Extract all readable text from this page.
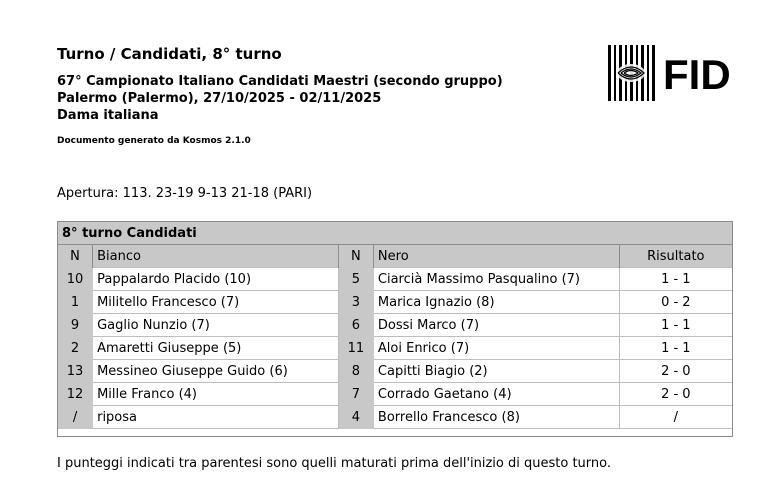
Turno / Candidati, 8° turno
67° Campionato Italiano Candidati Maestri (secondo gruppo)
Palermo (Palermo), 27/10/2025 - 02/11/2025
Dama italiana
Documento generato da Kosmos 2.1.0
FID
Apertura: 113. 23-19 9-13 21-18 (PARI)
8° turno Candidati				
N	Bianco	N	Nero	Risultato
10	Pappalardo Placido (10)	5	Ciarcià Massimo Pasqualino (7)	1 - 1
1	Militello Francesco (7)	3	Marica Ignazio (8)	0 - 2
9	Gaglio Nunzio (7)	6	Dossi Marco (7)	1 - 1
2	Amaretti Giuseppe (5)	11	Aloi Enrico (7)	1 - 1
13	Messineo Giuseppe Guido (6)	8	Capitti Biagio (2)	2 - 0
12	Mille Franco (4)	7	Corrado Gaetano (4)	2 - 0
/	riposa	4	Borrello Francesco (8)	/
I punteggi indicati tra parentesi sono quelli maturati prima dell'inizio di questo turno.
